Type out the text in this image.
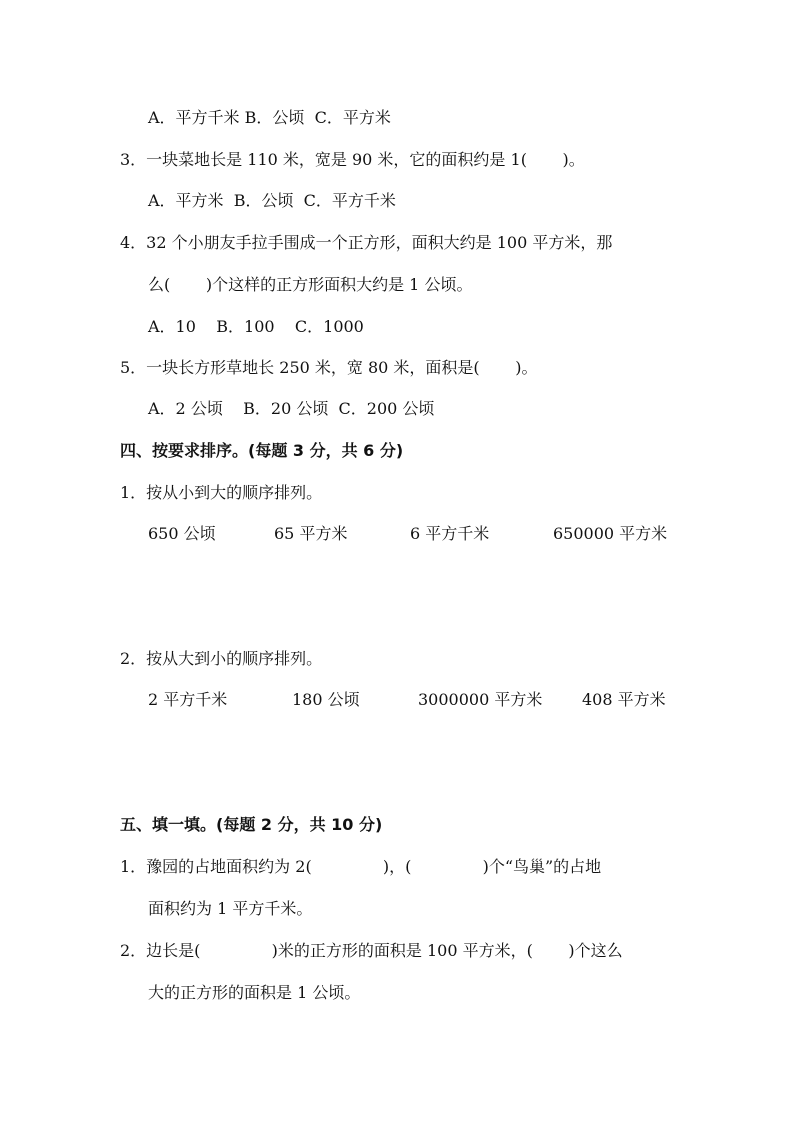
A．平方千米 B．公顷  C．平方米
3．一块菜地长是 110 米，宽是 90 米，它的面积约是 1(       )。
A．平方米  B．公顷  C．平方千米
4．32 个小朋友手拉手围成一个正方形，面积大约是 100 平方米，那
么(       )个这样的正方形面积大约是 1 公顷。
A．10    B．100    C．1000
5．一块长方形草地长 250 米，宽 80 米，面积是(       )。
A．2 公顷    B．20 公顷  C．200 公顷
四、按要求排序。(每题 3 分，共 6 分)
1．按从小到大的顺序排列。
650 公顷	65 平方米	6 平方千米	650000 平方米
2．按从大到小的顺序排列。
2 平方千米	180 公顷	3000000 平方米 408 平方米
五、填一填。(每题 2 分，共 10 分)
1．豫园的占地面积约为 2(              )，(              )个“鸟巢”的占地
面积约为 1 平方千米。
2．边长是(              )米的正方形的面积是 100 平方米，(       )个这么
大的正方形的面积是 1 公顷。
